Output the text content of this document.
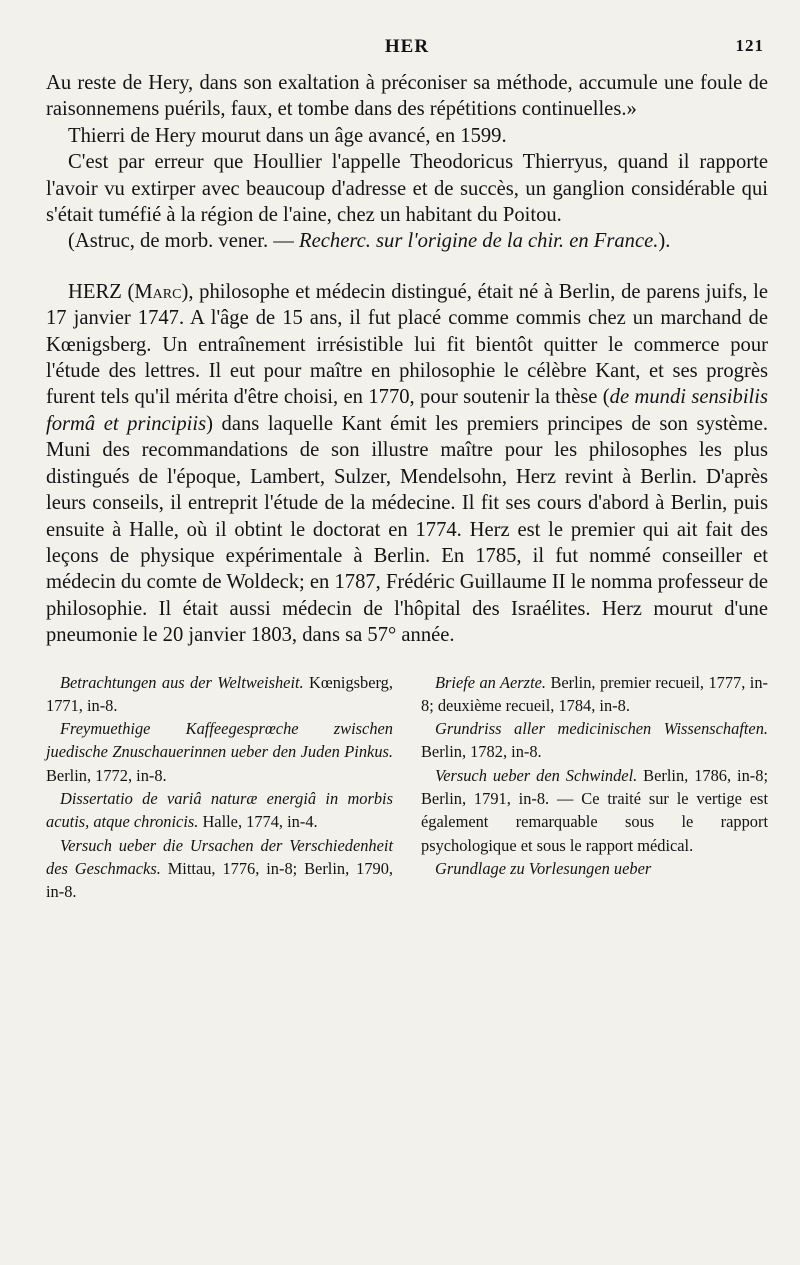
HER	121

Au reste de Hery, dans son exaltation à préconiser sa méthode, accumule une foule de raisonnemens puérils, faux, et tombe dans des répétitions continuelles.»

Thierri de Hery mourut dans un âge avancé, en 1599.

C'est par erreur que Houllier l'appelle Theodoricus Thierryus, quand il rapporte l'avoir vu extirper avec beaucoup d'adresse et de succès, un ganglion considérable qui s'était tuméfié à la région de l'aine, chez un habitant du Poitou.

(Astruc, de morb. vener. — Recherc. sur l'origine de la chir. en France.).

HERZ (Marc), philosophe et médecin distingué, était né à Berlin, de parens juifs, le 17 janvier 1747. A l'âge de 15 ans, il fut placé comme commis chez un marchand de Kœnigsberg. Un entraînement irrésistible lui fit bientôt quitter le commerce pour l'étude des lettres. Il eut pour maître en philosophie le célèbre Kant, et ses progrès furent tels qu'il mérita d'être choisi, en 1770, pour soutenir la thèse (de mundi sensibilis formâ et principiis) dans laquelle Kant émit les premiers principes de son système. Muni des recommandations de son illustre maître pour les philosophes les plus distingués de l'époque, Lambert, Sulzer, Mendelsohn, Herz revint à Berlin. D'après leurs conseils, il entreprit l'étude de la médecine. Il fit ses cours d'abord à Berlin, puis ensuite à Halle, où il obtint le doctorat en 1774. Herz est le premier qui ait fait des leçons de physique expérimentale à Berlin. En 1785, il fut nommé conseiller et médecin du comte de Woldeck; en 1787, Frédéric Guillaume II le nomma professeur de philosophie. Il était aussi médecin de l'hôpital des Israélites. Herz mourut d'une pneumonie le 20 janvier 1803, dans sa 57° année.

Betrachtungen aus der Weltweisheit. Kœnigsberg, 1771, in-8.

Freymuethige Kaffeegesprœche zwischen juedische Znuschauerinnen ueber den Juden Pinkus. Berlin, 1772, in-8.

Dissertatio de variâ naturæ energiâ in morbis acutis, atque chronicis. Halle, 1774, in-4.

Versuch ueber die Ursachen der Verschiedenheit des Geschmacks. Mittau, 1776, in-8; Berlin, 1790, in-8.

Briefe an Aerzte. Berlin, premier recueil, 1777, in-8; deuxième recueil, 1784, in-8.

Grundriss aller medicinischen Wissenschaften. Berlin, 1782, in-8.

Versuch ueber den Schwindel. Berlin, 1786, in-8; Berlin, 1791, in-8. — Ce traité sur le vertige est également remarquable sous le rapport psychologique et sous le rapport médical.

Grundlage zu Vorlesungen ueber
